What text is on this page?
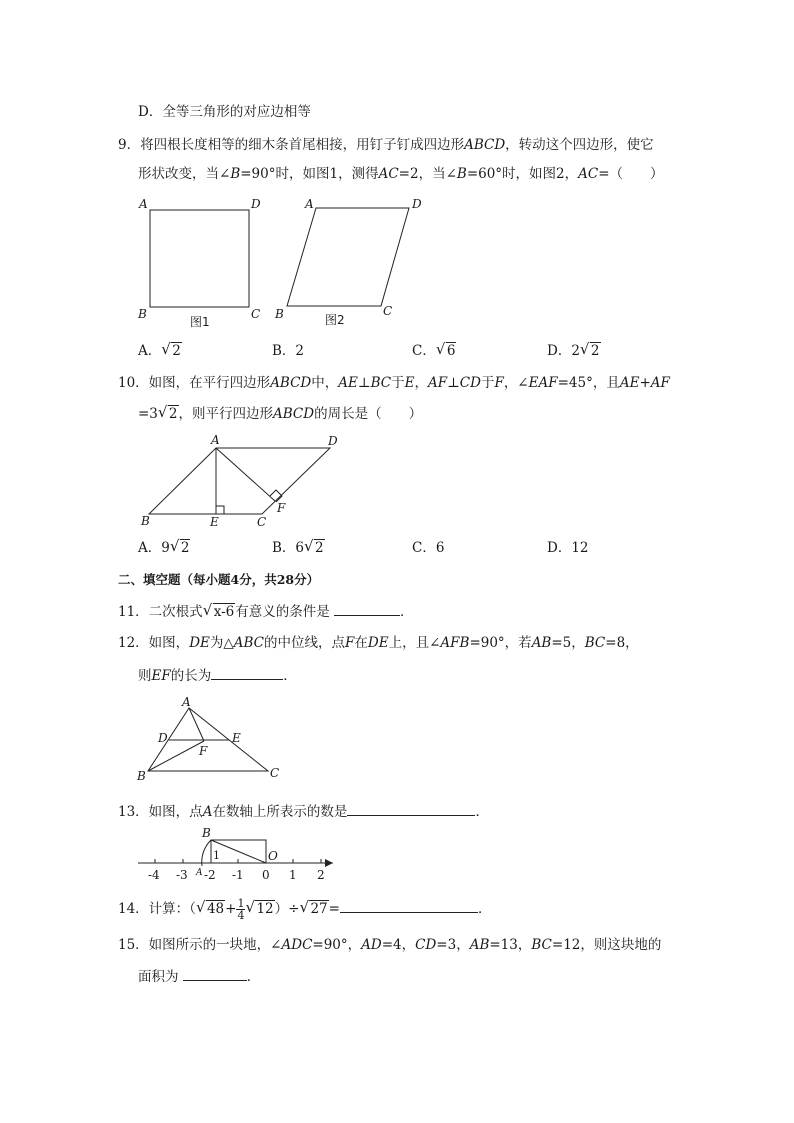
D．全等三角形的对应边相等
9．将四根长度相等的细木条首尾相接，用钉子钉成四边形ABCD，转动这个四边形，使它
形状改变，当∠B=90°时，如图1，测得AC=2，当∠B=60°时，如图2，AC=（　　）
A	D
B	C
图1
A	D
B	C
图2
A． √ 2	B．2	C． √ 6	D．2 √ 2
10．如图，在平行四边形ABCD中，AE⊥BC于E，AF⊥CD于F，∠EAF=45°，且AE+AF
=3 √ 2，则平行四边形ABCD的周长是（　　）
A	D
B	E	C
F
A．9 √ 2	B．6 √ 2	C．6	D．12
二、填空题（每小题4分，共28分）
11．二次根式 √ x-6有意义的条件是	．
12．如图，DE为△ABC的中位线，点F在DE上，且∠AFB=90°，若AB=5，BC=8，
则EF的长为	．
A
D	E
F
B	C
13．如图，点A在数轴上所表示的数是	．
B
O
1
A
-4 -3 -2 -1 0 1 2
14．计算：（ √ $48+ \frac{1}{4}$ √ 12）÷ √ 27=	．
15．如图所示的一块地，∠ADC=90°，AD=4，CD=3，AB=13，BC=12，则这块地的
面积为	．
